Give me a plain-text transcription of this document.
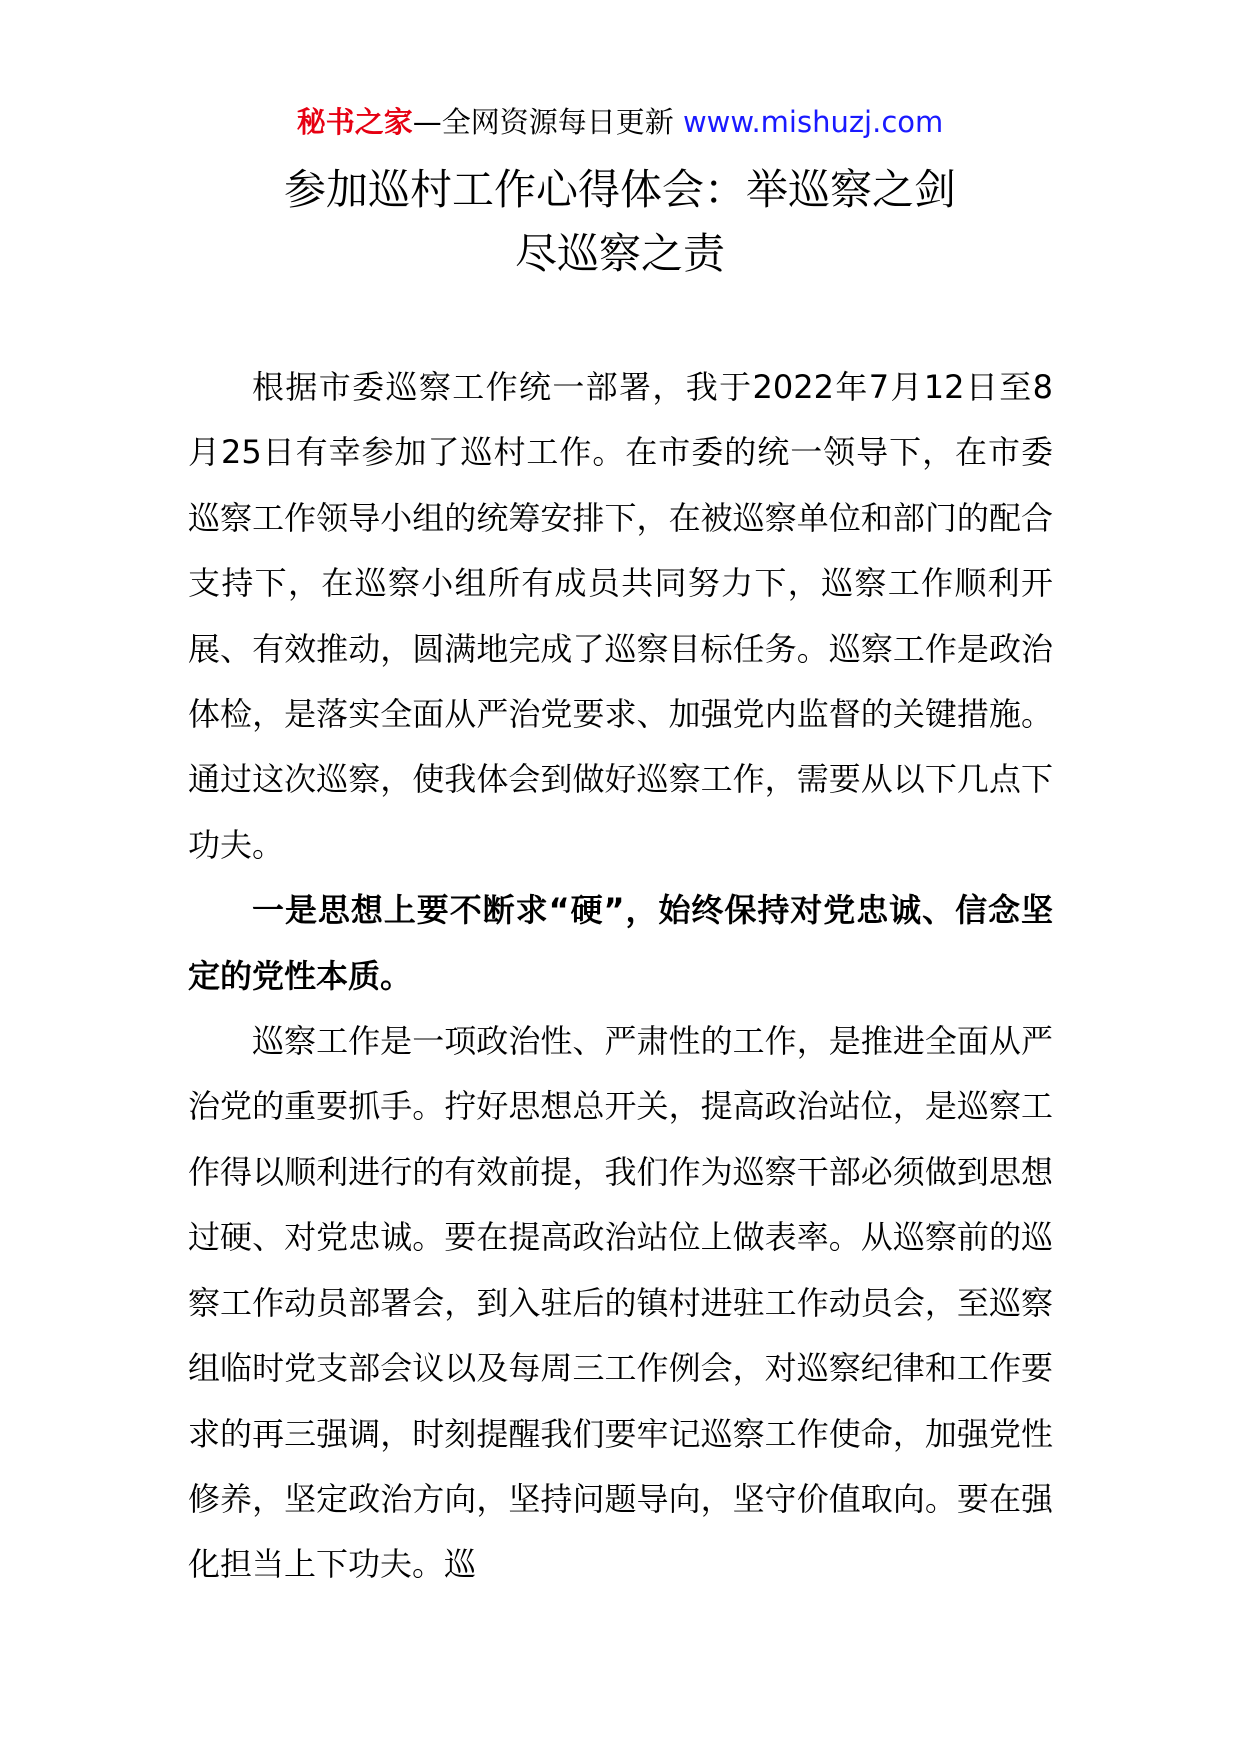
秘书之家—全网资源每日更新 www.mishuzj.com
参加巡村工作心得体会：举巡察之剑
尽巡察之责

根据市委巡察工作统一部署，我于2022年7月12日至8月25日有幸参加了巡村工作。在市委的统一领导下，在市委巡察工作领导小组的统筹安排下，在被巡察单位和部门的配合支持下，在巡察小组所有成员共同努力下，巡察工作顺利开展、有效推动，圆满地完成了巡察目标任务。巡察工作是政治体检，是落实全面从严治党要求、加强党内监督的关键措施。通过这次巡察，使我体会到做好巡察工作，需要从以下几点下功夫。

一是思想上要不断求“硬”，始终保持对党忠诚、信念坚定的党性本质。

巡察工作是一项政治性、严肃性的工作，是推进全面从严治党的重要抓手。拧好思想总开关，提高政治站位，是巡察工作得以顺利进行的有效前提，我们作为巡察干部必须做到思想过硬、对党忠诚。要在提高政治站位上做表率。从巡察前的巡察工作动员部署会，到入驻后的镇村进驻工作动员会，至巡察组临时党支部会议以及每周三工作例会，对巡察纪律和工作要求的再三强调，时刻提醒我们要牢记巡察工作使命，加强党性修养，坚定政治方向，坚持问题导向，坚守价值取向。要在强化担当上下功夫。巡
